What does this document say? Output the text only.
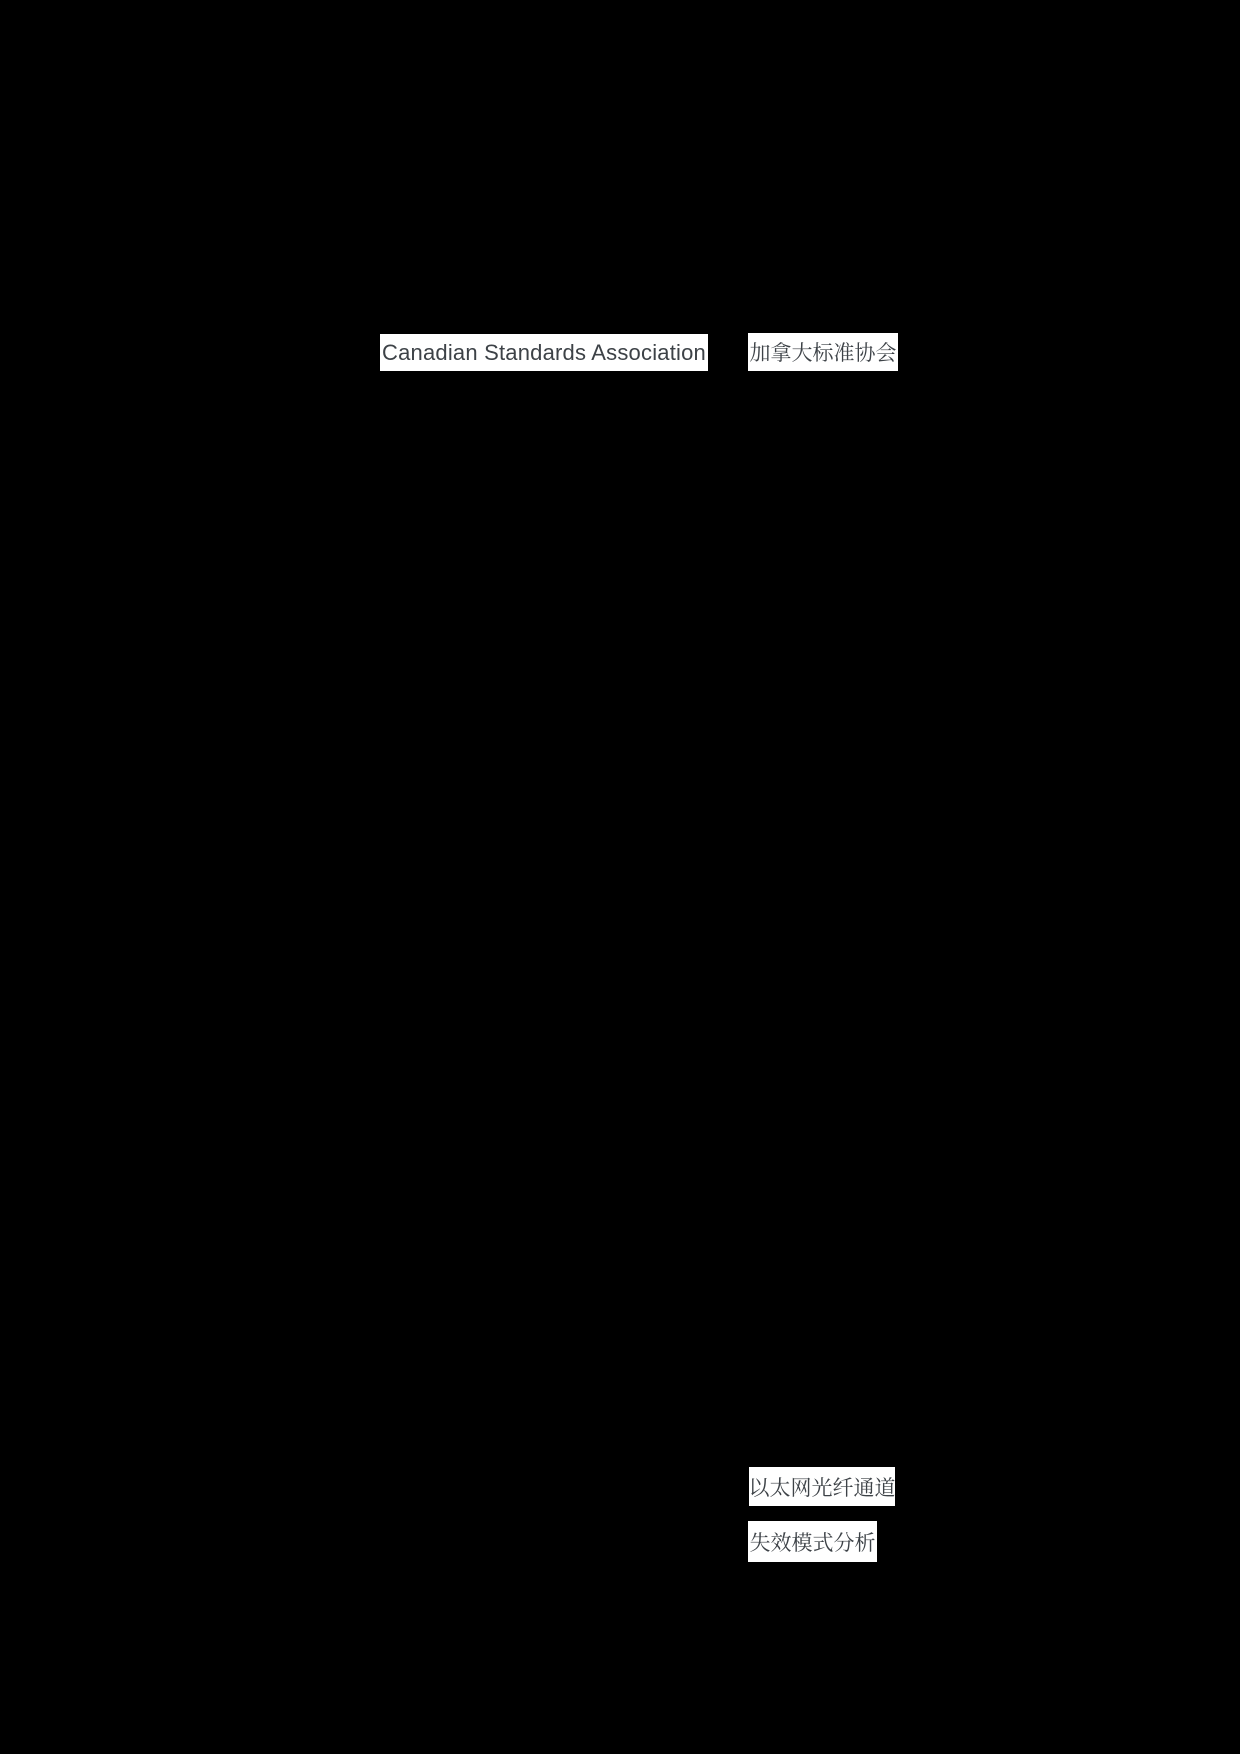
Canadian Standards Association 加拿大标准协会
以太网光纤通道
失效模式分析
